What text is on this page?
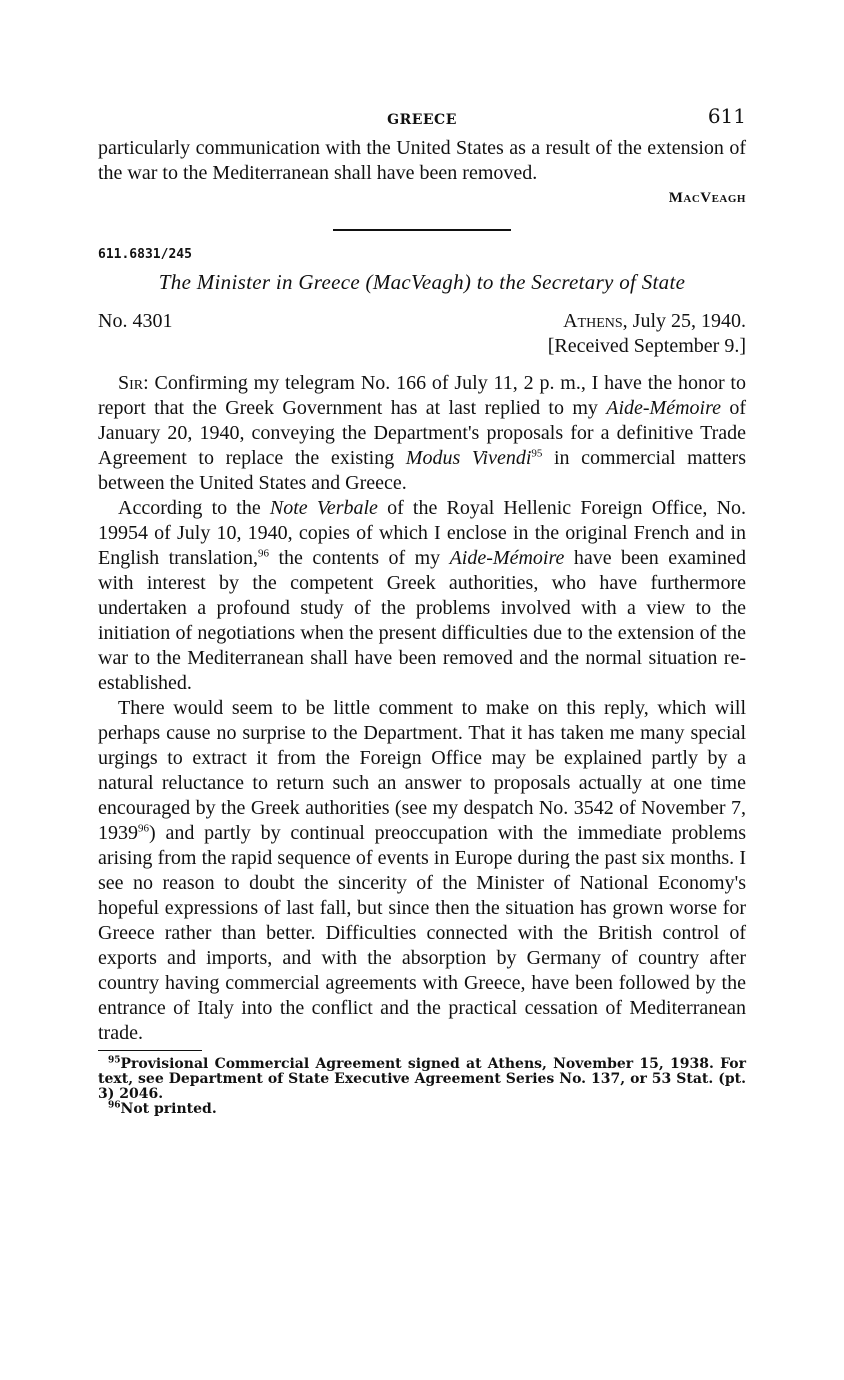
GREECE	611

particularly communication with the United States as a result of the extension of the war to the Mediterranean shall have been removed.

MacVeagh
611.6831/245
The Minister in Greece (MacVeagh) to the Secretary of State
No. 4301	Athens, July 25, 1940.
[Received September 9.]

Sir: Confirming my telegram No. 166 of July 11, 2 p. m., I have the honor to report that the Greek Government has at last replied to my Aide-Mémoire of January 20, 1940, conveying the Department's proposals for a definitive Trade Agreement to replace the existing Modus Vivendi$^{95}$ in commercial matters between the United States and Greece.

According to the Note Verbale of the Royal Hellenic Foreign Office, No. 19954 of July 10, 1940, copies of which I enclose in the original French and in English translation,$^{96}$ the contents of my Aide-Mémoire have been examined with interest by the competent Greek authorities, who have furthermore undertaken a profound study of the problems involved with a view to the initiation of negotiations when the present difficulties due to the extension of the war to the Mediterranean shall have been removed and the normal situation re-established.

There would seem to be little comment to make on this reply, which will perhaps cause no surprise to the Department. That it has taken me many special urgings to extract it from the Foreign Office may be explained partly by a natural reluctance to return such an answer to proposals actually at one time encouraged by the Greek authorities (see my despatch No. 3542 of November 7, 1939$^{96}$) and partly by continual preoccupation with the immediate problems arising from the rapid sequence of events in Europe during the past six months. I see no reason to doubt the sincerity of the Minister of National Economy's hopeful expressions of last fall, but since then the situation has grown worse for Greece rather than better. Difficulties connected with the British control of exports and imports, and with the absorption by Germany of country after country having commercial agreements with Greece, have been followed by the entrance of Italy into the conflict and the practical cessation of Mediterranean trade.

$^{95}$Provisional Commercial Agreement signed at Athens, November 15, 1938. For text, see Department of State Executive Agreement Series No. 137, or 53 Stat. (pt. 3) 2046.

$^{96}$Not printed.
